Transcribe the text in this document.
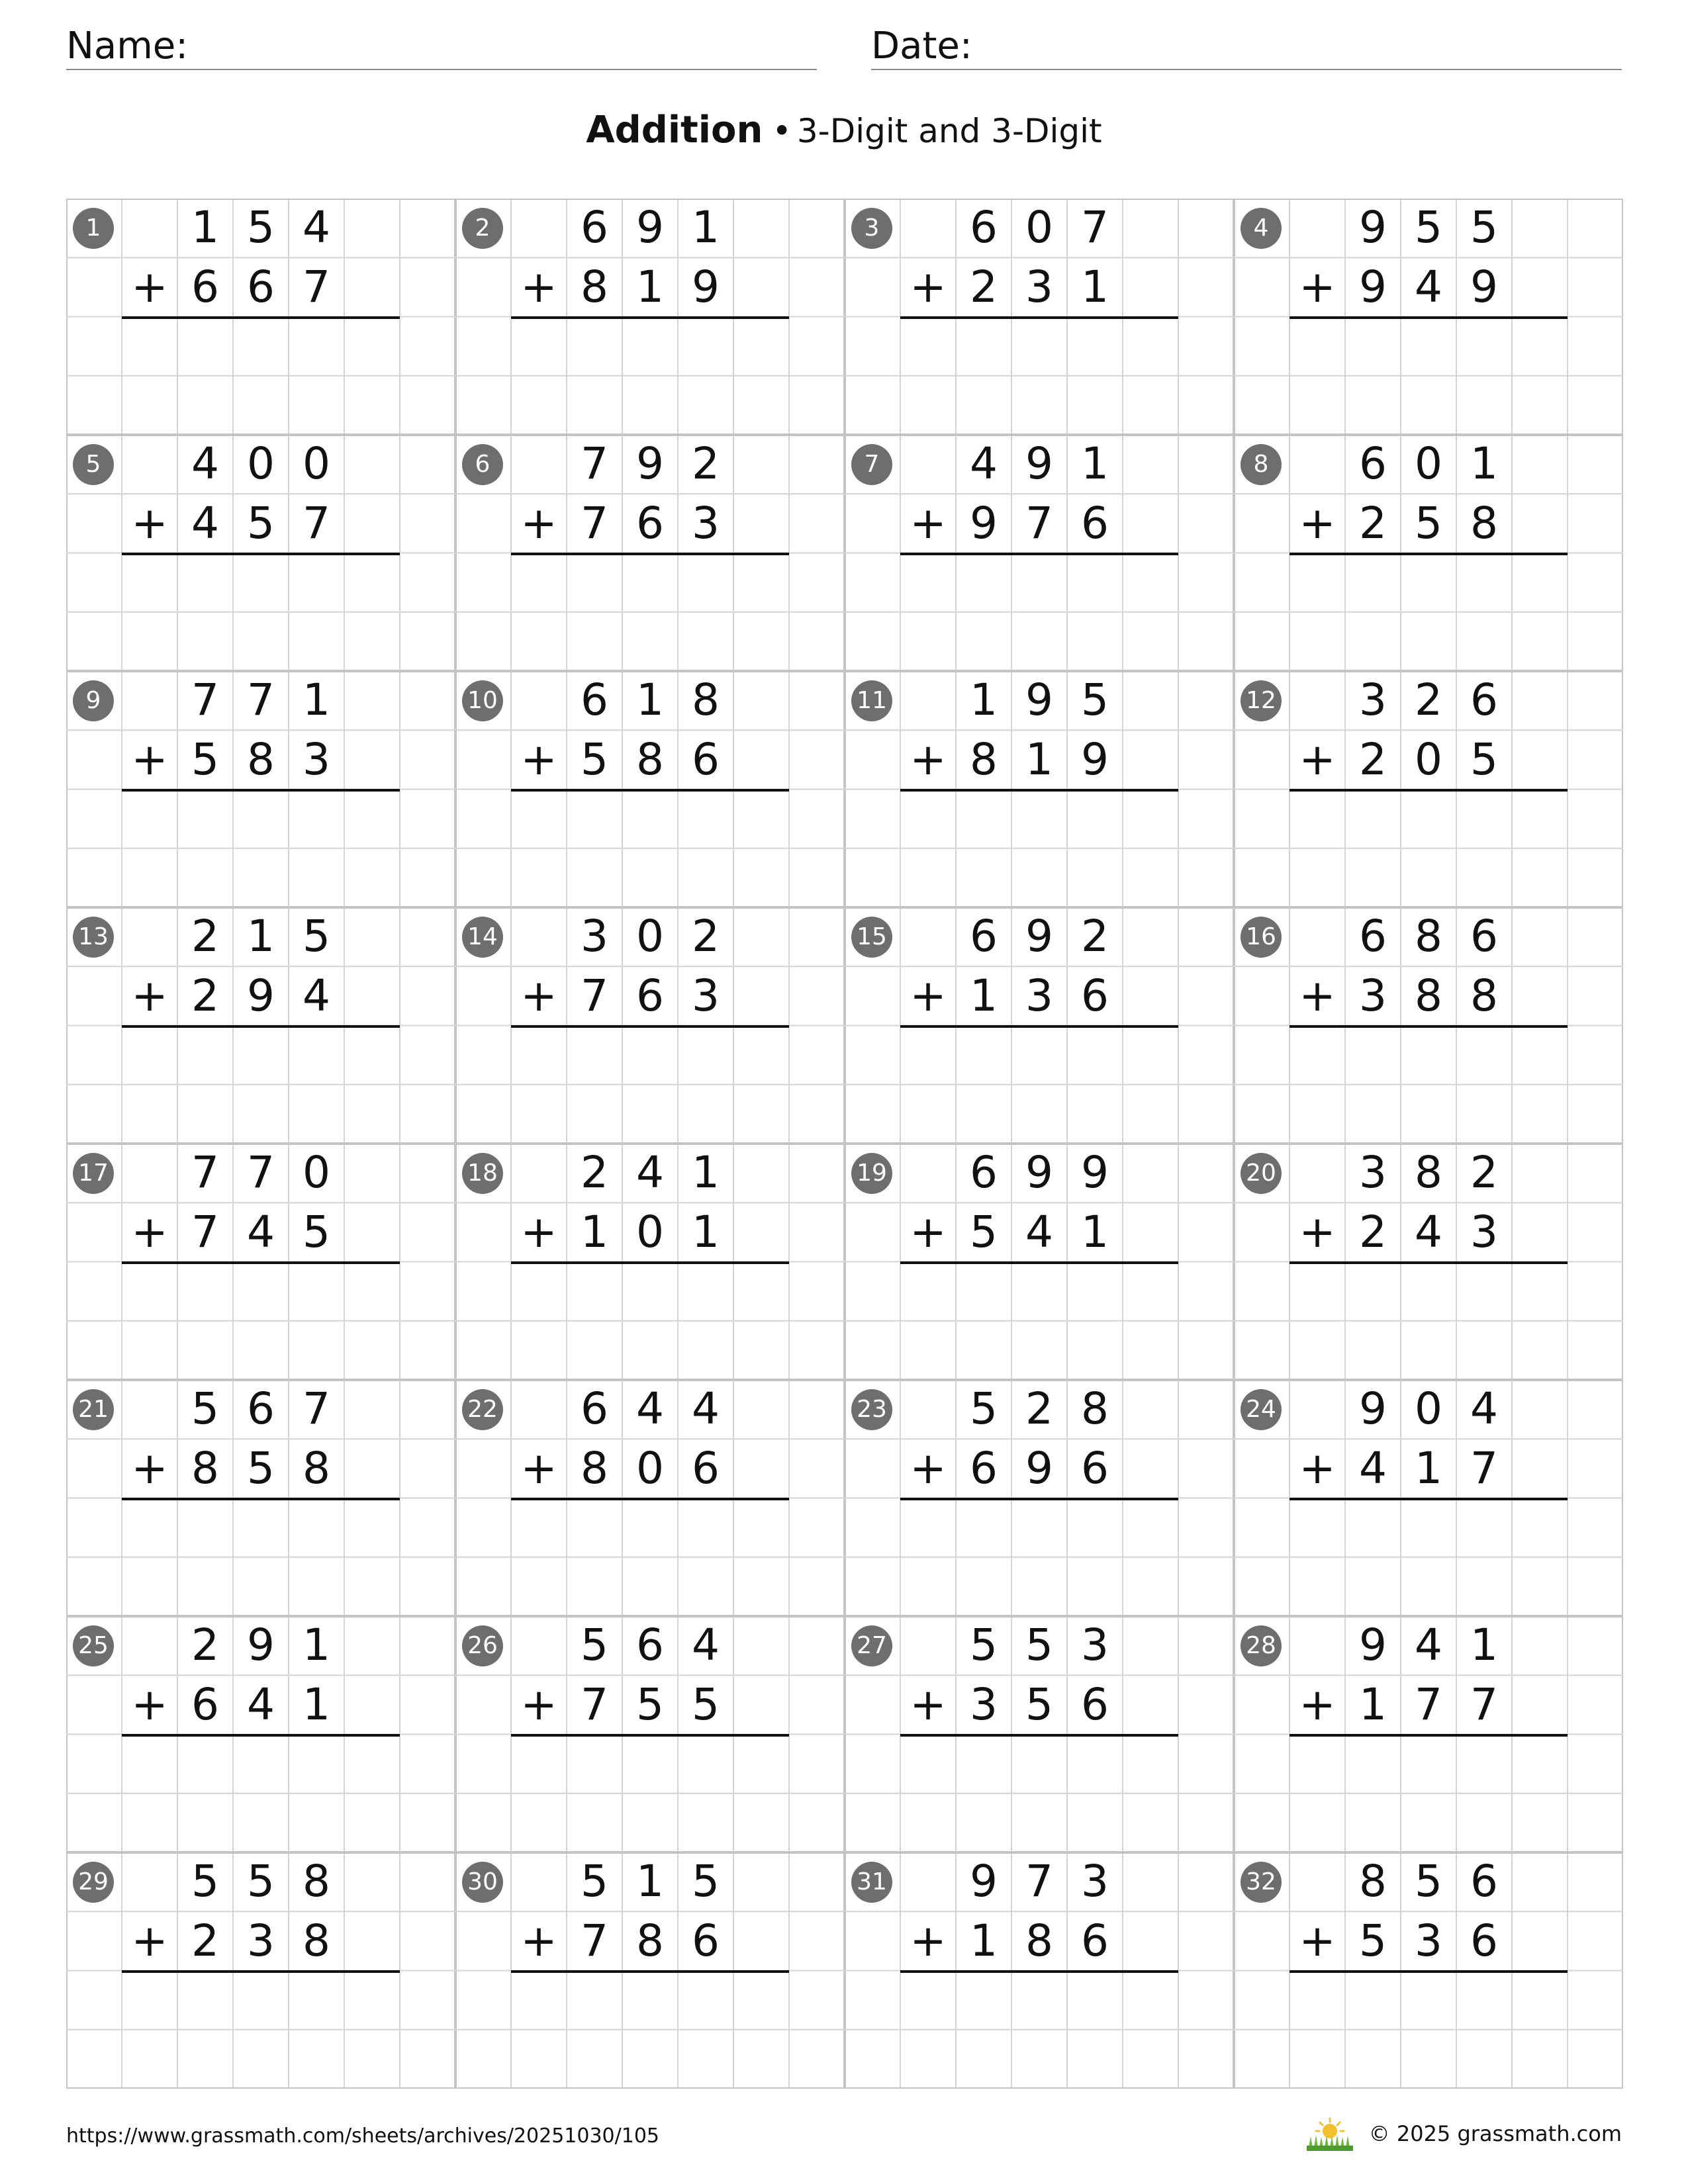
Name:	Date:
Addition • 3-Digit and 3-Digit
1	1 5 4
6 6 7
+
2	6 9 1
8 1 9
+
3	6 0 7
2 3 1
+
4	9 5 5
9 4 9
+
5	4 0 0
4 5 7
+
6	7 9 2
7 6 3
+
7	4 9 1
9 7 6
+
8	6 0 1
2 5 8
+
9	7 7 1
5 8 3
+
10	6 1 8
5 8 6
+
11	1 9 5
8 1 9
+
12	3 2 6
2 0 5
+
13	2 1 5
2 9 4
+
14	3 0 2
7 6 3
+
15	6 9 2
1 3 6
+
16	6 8 6
3 8 8
+
17	7 7 0
7 4 5
+
18	2 4 1
1 0 1
+
19	6 9 9
5 4 1
+
20	3 8 2
2 4 3
+
21	5 6 7
8 5 8
+
22	6 4 4
8 0 6
+
23	5 2 8
6 9 6
+
24	9 0 4
4 1 7
+
25	2 9 1
6 4 1
+
26	5 6 4
7 5 5
+
27	5 5 3
3 5 6
+
28	9 4 1
1 7 7
+
29	5 5 8
2 3 8
+
30	5 1 5
7 8 6
+
31	9 7 3
1 8 6
+
32	8 5 6
5 3 6
+
https://www.grassmath.com/sheets/archives/20251030/105	© 2025 grassmath.com
